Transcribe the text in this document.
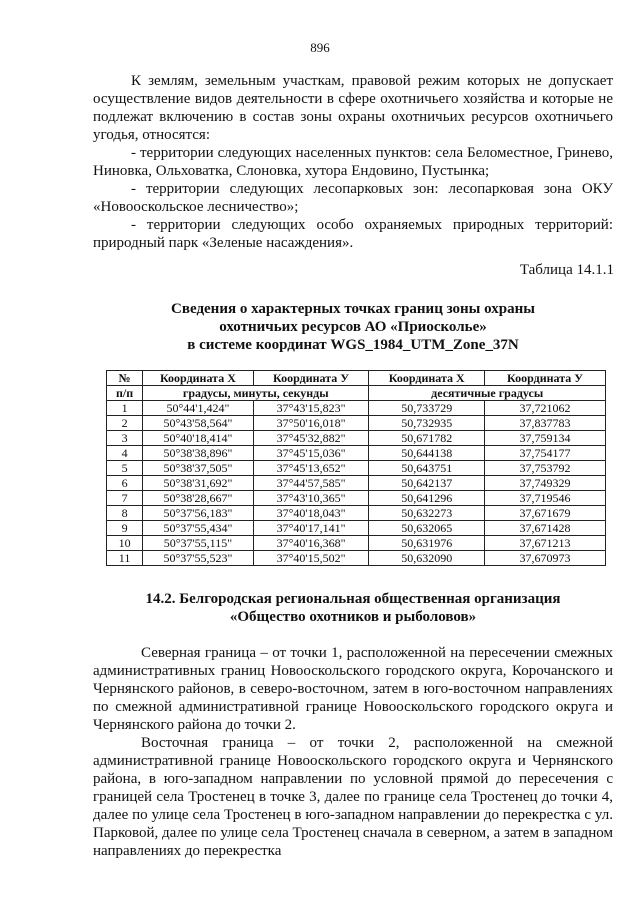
896

К землям, земельным участкам, правовой режим которых не допускает осуществление видов деятельности в сфере охотничьего хозяйства и которые не подлежат включению в состав зоны охраны охотничьих ресурсов охотничьего угодья, относятся:

- территории следующих населенных пунктов: села Беломестное, Гринево, Ниновка, Ольховатка, Слоновка, хутора Ендовино, Пустынка;

- территории следующих лесопарковых зон: лесопарковая зона ОКУ «Новооскольское лесничество»;

- территории следующих особо охраняемых природных территорий: природный парк «Зеленые насаждения».

Таблица 14.1.1
Сведения о характерных точках границ зоны охраны
охотничьих ресурсов АО «Приосколье»
в системе координат WGS_1984_UTM_Zone_37N
№	Координата X	Координата У	Координата X	Координата У
п/п	градусы, минуты, секунды		десятичные градусы	
1	50°44'1,424"	37°43'15,823"	50,733729	37,721062
2	50°43'58,564"	37°50'16,018"	50,732935	37,837783
3	50°40'18,414"	37°45'32,882"	50,671782	37,759134
4	50°38'38,896"	37°45'15,036"	50,644138	37,754177
5	50°38'37,505"	37°45'13,652"	50,643751	37,753792
6	50°38'31,692"	37°44'57,585"	50,642137	37,749329
7	50°38'28,667"	37°43'10,365"	50,641296	37,719546
8	50°37'56,183"	37°40'18,043"	50,632273	37,671679
9	50°37'55,434"	37°40'17,141"	50,632065	37,671428
10	50°37'55,115"	37°40'16,368"	50,631976	37,671213
11	50°37'55,523"	37°40'15,502"	50,632090	37,670973
14.2. Белгородская региональная общественная организация
«Общество охотников и рыболовов»

Северная граница – от точки 1, расположенной на пересечении смежных административных границ Новооскольского городского округа, Корочанского и Чернянского районов, в северо-восточном, затем в юго-восточном направлениях по смежной административной границе Новооскольского городского округа и Чернянского района до точки 2.

Восточная граница – от точки 2, расположенной на смежной административной границе Новооскольского городского округа и Чернянского района, в юго-западном направлении по условной прямой до пересечения с границей села Тростенец в точке 3, далее по границе села Тростенец до точки 4, далее по улице села Тростенец в юго-западном направлении до перекрестка с ул. Парковой, далее по улице села Тростенец сначала в северном, а затем в западном направлениях до перекрестка
